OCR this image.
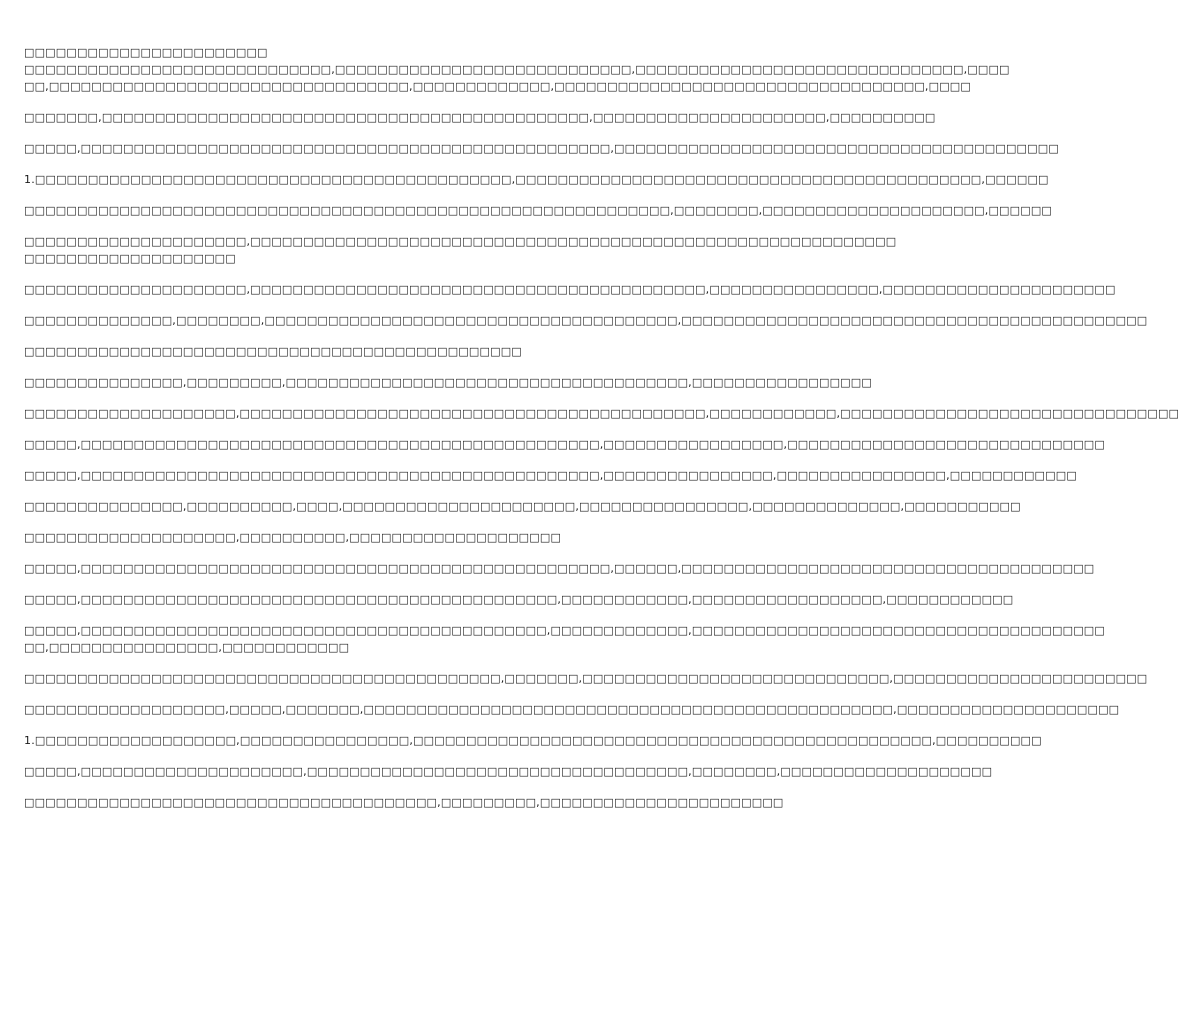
□□□□□□□□□□□□□□□□□□□□□□□
□□□□□□□□□□□□□□□□□□□□□□□□□□□□□,□□□□□□□□□□□□□□□□□□□□□□□□□□□□,□□□□□□□□□□□□□□□□□□□□□□□□□□□□□□□,□□□□
□□,□□□□□□□□□□□□□□□□□□□□□□□□□□□□□□□□□□,□□□□□□□□□□□□□,□□□□□□□□□□□□□□□□□□□□□□□□□□□□□□□□□□□,□□□□
□□□□□□□,□□□□□□□□□□□□□□□□□□□□□□□□□□□□□□□□□□□□□□□□□□□□□□,□□□□□□□□□□□□□□□□□□□□□□,□□□□□□□□□□
□□□□□,□□□□□□□□□□□□□□□□□□□□□□□□□□□□□□□□□□□□□□□□□□□□□□□□□□,□□□□□□□□□□□□□□□□□□□□□□□□□□□□□□□□□□□□□□□□□□
1.□□□□□□□□□□□□□□□□□□□□□□□□□□□□□□□□□□□□□□□□□□□□□,□□□□□□□□□□□□□□□□□□□□□□□□□□□□□□□□□□□□□□□□□□□□,□□□□□□
□□□□□□□□□□□□□□□□□□□□□□□□□□□□□□□□□□□□□□□□□□□□□□□□□□□□□□□□□□□□□,□□□□□□□□,□□□□□□□□□□□□□□□□□□□□□,□□□□□□
□□□□□□□□□□□□□□□□□□□□□,□□□□□□□□□□□□□□□□□□□□□□□□□□□□□□□□□□□□□□□□□□□□□□□□□□□□□□□□□□□□□
□□□□□□□□□□□□□□□□□□□□
□□□□□□□□□□□□□□□□□□□□□,□□□□□□□□□□□□□□□□□□□□□□□□□□□□□□□□□□□□□□□□□□□,□□□□□□□□□□□□□□□□,□□□□□□□□□□□□□□□□□□□□□□
□□□□□□□□□□□□□□,□□□□□□□□,□□□□□□□□□□□□□□□□□□□□□□□□□□□□□□□□□□□□□□□,□□□□□□□□□□□□□□□□□□□□□□□□□□□□□□□□□□□□□□□□□□□□
□□□□□□□□□□□□□□□□□□□□□□□□□□□□□□□□□□□□□□□□□□□□□□□
□□□□□□□□□□□□□□□,□□□□□□□□□,□□□□□□□□□□□□□□□□□□□□□□□□□□□□□□□□□□□□□□,□□□□□□□□□□□□□□□□□
□□□□□□□□□□□□□□□□□□□□,□□□□□□□□□□□□□□□□□□□□□□□□□□□□□□□□□□□□□□□□□□□□,□□□□□□□□□□□□,□□□□□□□□□□□□□□□□□□□□□□□□□□□□□□□□
□□□□□,□□□□□□□□□□□□□□□□□□□□□□□□□□□□□□□□□□□□□□□□□□□□□□□□□,□□□□□□□□□□□□□□□□□,□□□□□□□□□□□□□□□□□□□□□□□□□□□□□□
□□□□□,□□□□□□□□□□□□□□□□□□□□□□□□□□□□□□□□□□□□□□□□□□□□□□□□□,□□□□□□□□□□□□□□□□,□□□□□□□□□□□□□□□□,□□□□□□□□□□□□
□□□□□□□□□□□□□□□,□□□□□□□□□□,□□□□,□□□□□□□□□□□□□□□□□□□□□□,□□□□□□□□□□□□□□□□,□□□□□□□□□□□□□□,□□□□□□□□□□□
□□□□□□□□□□□□□□□□□□□□,□□□□□□□□□□,□□□□□□□□□□□□□□□□□□□□
□□□□□,□□□□□□□□□□□□□□□□□□□□□□□□□□□□□□□□□□□□□□□□□□□□□□□□□□,□□□□□□,□□□□□□□□□□□□□□□□□□□□□□□□□□□□□□□□□□□□□□□
□□□□□,□□□□□□□□□□□□□□□□□□□□□□□□□□□□□□□□□□□□□□□□□□□□□,□□□□□□□□□□□□,□□□□□□□□□□□□□□□□□□,□□□□□□□□□□□□
□□□□□,□□□□□□□□□□□□□□□□□□□□□□□□□□□□□□□□□□□□□□□□□□□□,□□□□□□□□□□□□□,□□□□□□□□□□□□□□□□□□□□□□□□□□□□□□□□□□□□□□□
□□,□□□□□□□□□□□□□□□□,□□□□□□□□□□□□
□□□□□□□□□□□□□□□□□□□□□□□□□□□□□□□□□□□□□□□□□□□□□,□□□□□□□,□□□□□□□□□□□□□□□□□□□□□□□□□□□□□,□□□□□□□□□□□□□□□□□□□□□□□□
□□□□□□□□□□□□□□□□□□□,□□□□□,□□□□□□□,□□□□□□□□□□□□□□□□□□□□□□□□□□□□□□□□□□□□□□□□□□□□□□□□□□,□□□□□□□□□□□□□□□□□□□□□
1.□□□□□□□□□□□□□□□□□□□,□□□□□□□□□□□□□□□□,□□□□□□□□□□□□□□□□□□□□□□□□□□□□□□□□□□□□□□□□□□□□□□□□□,□□□□□□□□□□
□□□□□,□□□□□□□□□□□□□□□□□□□□□,□□□□□□□□□□□□□□□□□□□□□□□□□□□□□□□□□□□□,□□□□□□□□,□□□□□□□□□□□□□□□□□□□□
□□□□□□□□□□□□□□□□□□□□□□□□□□□□□□□□□□□□□□□,□□□□□□□□□,□□□□□□□□□□□□□□□□□□□□□□□
